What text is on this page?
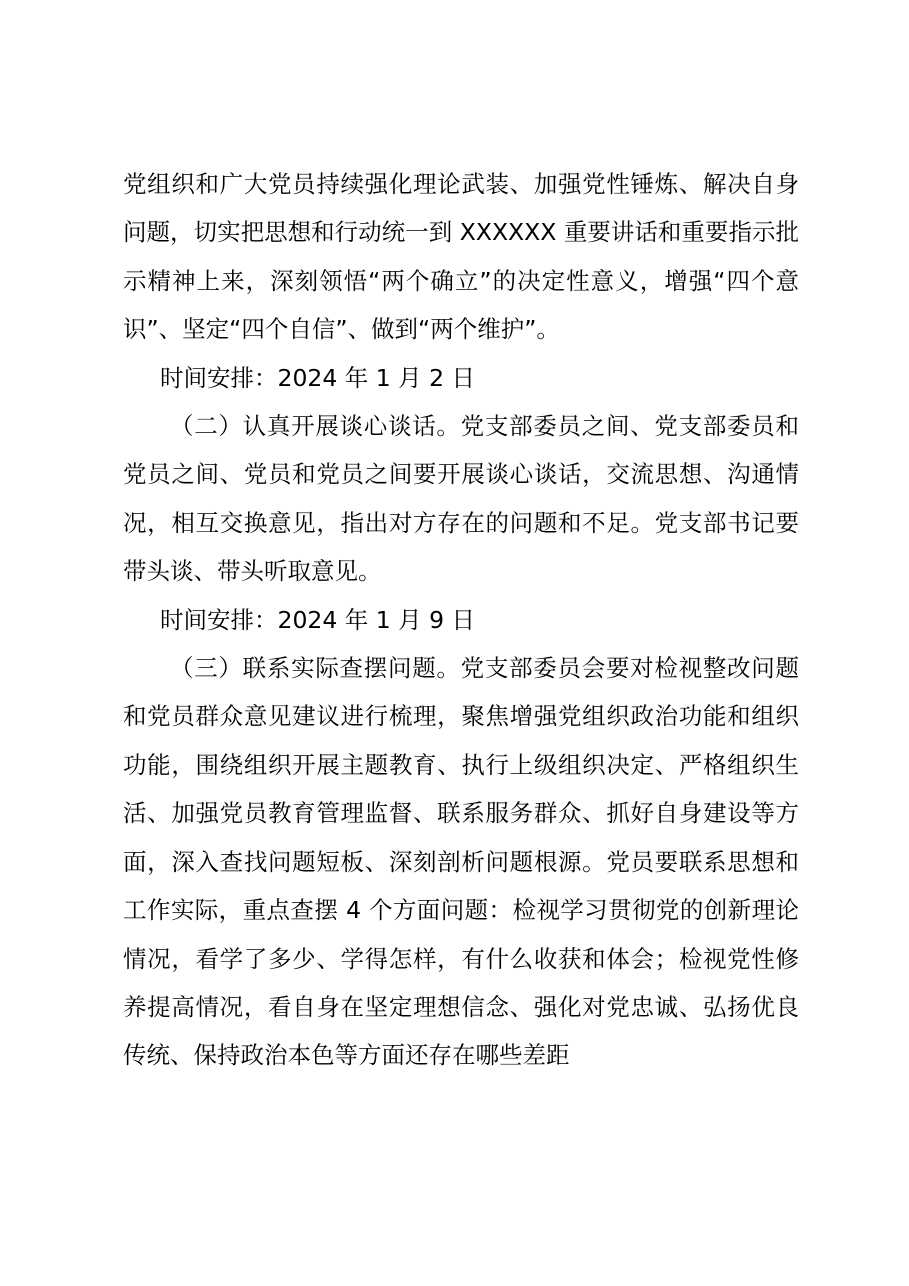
党组织和广大党员持续强化理论武装、加强党性锤炼、解决自身问题，切实把思想和行动统一到 XXXXXX 重要讲话和重要指示批示精神上来，深刻领悟“两个确立”的决定性意义，增强“四个意识”、坚定“四个自信”、做到“两个维护”。

时间安排：2024 年 1 月 2 日

（二）认真开展谈心谈话。党支部委员之间、党支部委员和党员之间、党员和党员之间要开展谈心谈话，交流思想、沟通情况，相互交换意见，指出对方存在的问题和不足。党支部书记要带头谈、带头听取意见。

时间安排：2024 年 1 月 9 日

（三）联系实际查摆问题。党支部委员会要对检视整改问题和党员群众意见建议进行梳理，聚焦增强党组织政治功能和组织功能，围绕组织开展主题教育、执行上级组织决定、严格组织生活、加强党员教育管理监督、联系服务群众、抓好自身建设等方面，深入查找问题短板、深刻剖析问题根源。党员要联系思想和工作实际，重点查摆 4 个方面问题：检视学习贯彻党的创新理论情况，看学了多少、学得怎样，有什么收获和体会；检视党性修养提高情况，看自身在坚定理想信念、强化对党忠诚、弘扬优良传统、保持政治本色等方面还存在哪些差距
